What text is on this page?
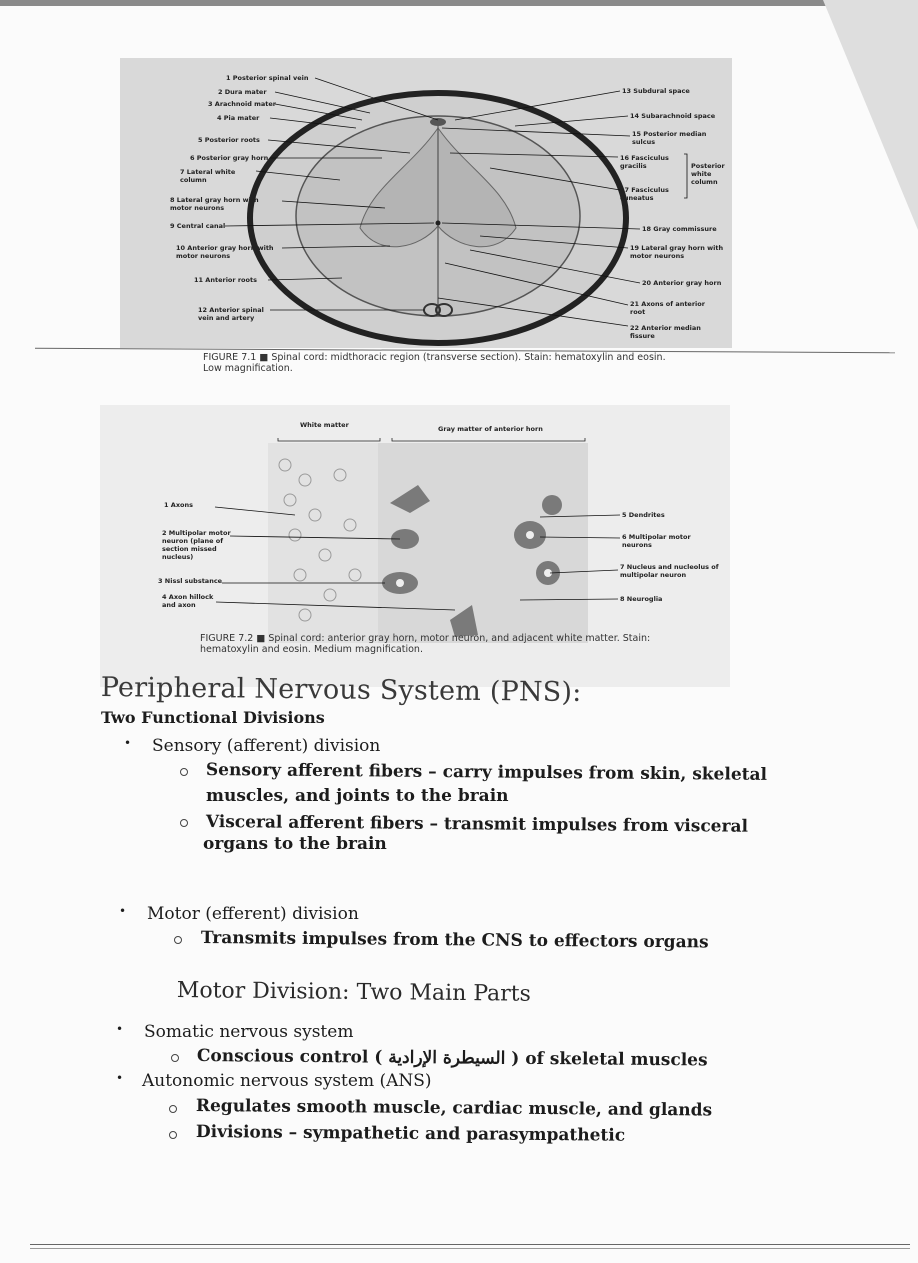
1 Posterior spinal vein
2 Dura mater
3 Arachnoid mater
4 Pia mater
5 Posterior roots
6 Posterior gray horn
7 Lateral white column
8 Lateral gray horn with motor neurons
9 Central canal
10 Anterior gray horn with motor neurons
11 Anterior roots
12 Anterior spinal vein and artery
13 Subdural space
14 Subarachnoid space
15 Posterior median sulcus
16 Fasciculus gracilis
17 Fasciculus cuneatus
Posterior white column
18 Gray commissure
19 Lateral gray horn with motor neurons
20 Anterior gray horn
21 Axons of anterior root
22 Anterior median fissure
FIGURE 7.1 ■ Spinal cord: midthoracic region (transverse section). Stain: hematoxylin and eosin. Low magnification.
White matter	Gray matter of anterior horn
1 Axons
2 Multipolar motor neuron (plane of section missed nucleus)
3 Nissl substance
4 Axon hillock and axon
5 Dendrites
6 Multipolar motor neurons
7 Nucleus and nucleolus of multipolar neuron
8 Neuroglia
FIGURE 7.2 ■ Spinal cord: anterior gray horn, motor neuron, and adjacent white matter. Stain: hematoxylin and eosin. Medium magnification.
Peripheral Nervous System (PNS):
Two Functional Divisions
• Sensory (afferent) division
Sensory afferent fibers – carry impulses from skin, skeletal
muscles, and joints to the brain
Visceral afferent fibers – transmit impulses from visceral
organs to the brain
• Motor (efferent) division
Transmits impulses from the CNS to effectors organs
Motor Division: Two Main Parts
• Somatic nervous system
Conscious control ( السيطرة الإرادية ) of skeletal muscles
• Autonomic nervous system (ANS)
Regulates smooth muscle, cardiac muscle, and glands
Divisions – sympathetic and parasympathetic
